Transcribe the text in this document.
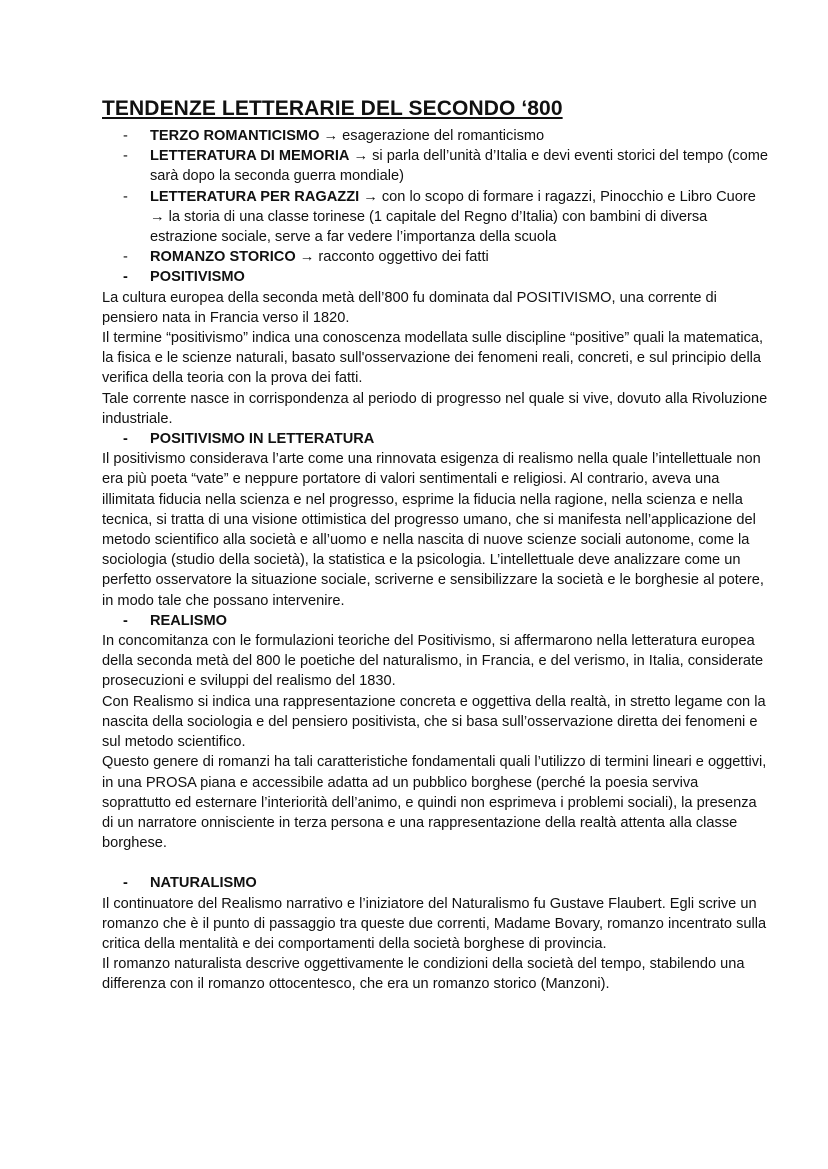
TENDENZE LETTERARIE DEL SECONDO ‘800
- TERZO ROMANTICISMO → esagerazione del romanticismo
- LETTERATURA DI MEMORIA → si parla dell’unità d’Italia e devi eventi storici del tempo (come sarà dopo la seconda guerra mondiale)
- LETTERATURA PER RAGAZZI → con lo scopo di formare i ragazzi, Pinocchio e Libro Cuore → la storia di una classe torinese (1 capitale del Regno d’Italia) con bambini di diversa estrazione sociale, serve a far vedere l’importanza della scuola
- ROMANZO STORICO → racconto oggettivo dei fatti
- POSITIVISMO

La cultura europea della seconda metà dell’800 fu dominata dal POSITIVISMO, una corrente di pensiero nata in Francia verso il 1820.

Il termine “positivismo” indica una conoscenza modellata sulle discipline “positive” quali la matematica, la fisica e le scienze naturali, basato sull'osservazione dei fenomeni reali, concreti, e sul principio della verifica della teoria con la prova dei fatti.

Tale corrente nasce in corrispondenza al periodo di progresso nel quale si vive, dovuto alla Rivoluzione industriale.

- POSITIVISMO IN LETTERATURA

Il positivismo considerava l’arte come una rinnovata esigenza di realismo nella quale l’intellettuale non era più poeta “vate” e neppure portatore di valori sentimentali e religiosi. Al contrario, aveva una illimitata fiducia nella scienza e nel progresso, esprime la fiducia nella ragione, nella scienza e nella tecnica, si tratta di una visione ottimistica del progresso umano, che si manifesta nell’applicazione del metodo scientifico alla società e all’uomo e nella nascita di nuove scienze sociali autonome, come la sociologia (studio della società), la statistica e la psicologia. L’intellettuale deve analizzare come un perfetto osservatore la situazione sociale, scriverne e sensibilizzare la società e le borghesie al potere, in modo tale che possano intervenire.

- REALISMO

In concomitanza con le formulazioni teoriche del Positivismo, si affermarono nella letteratura europea della seconda metà del 800 le poetiche del naturalismo, in Francia, e del verismo, in Italia, considerate prosecuzioni e sviluppi del realismo del 1830.

Con Realismo si indica una rappresentazione concreta e oggettiva della realtà, in stretto legame con la nascita della sociologia e del pensiero positivista, che si basa sull’osservazione diretta dei fenomeni e sul metodo scientifico.

Questo genere di romanzi ha tali caratteristiche fondamentali quali l’utilizzo di termini lineari e oggettivi, in una PROSA piana e accessibile adatta ad un pubblico borghese (perché la poesia serviva soprattutto ed esternare l’interiorità dell’animo, e quindi non esprimeva i problemi sociali), la presenza di un narratore onnisciente in terza persona e una rappresentazione della realtà attenta alla classe borghese.

- NATURALISMO

Il continuatore del Realismo narrativo e l’iniziatore del Naturalismo fu Gustave Flaubert. Egli scrive un romanzo che è il punto di passaggio tra queste due correnti, Madame Bovary, romanzo incentrato sulla critica della mentalità e dei comportamenti della società borghese di provincia.

Il romanzo naturalista descrive oggettivamente le condizioni della società del tempo, stabilendo una differenza con il romanzo ottocentesco, che era un romanzo storico (Manzoni).
